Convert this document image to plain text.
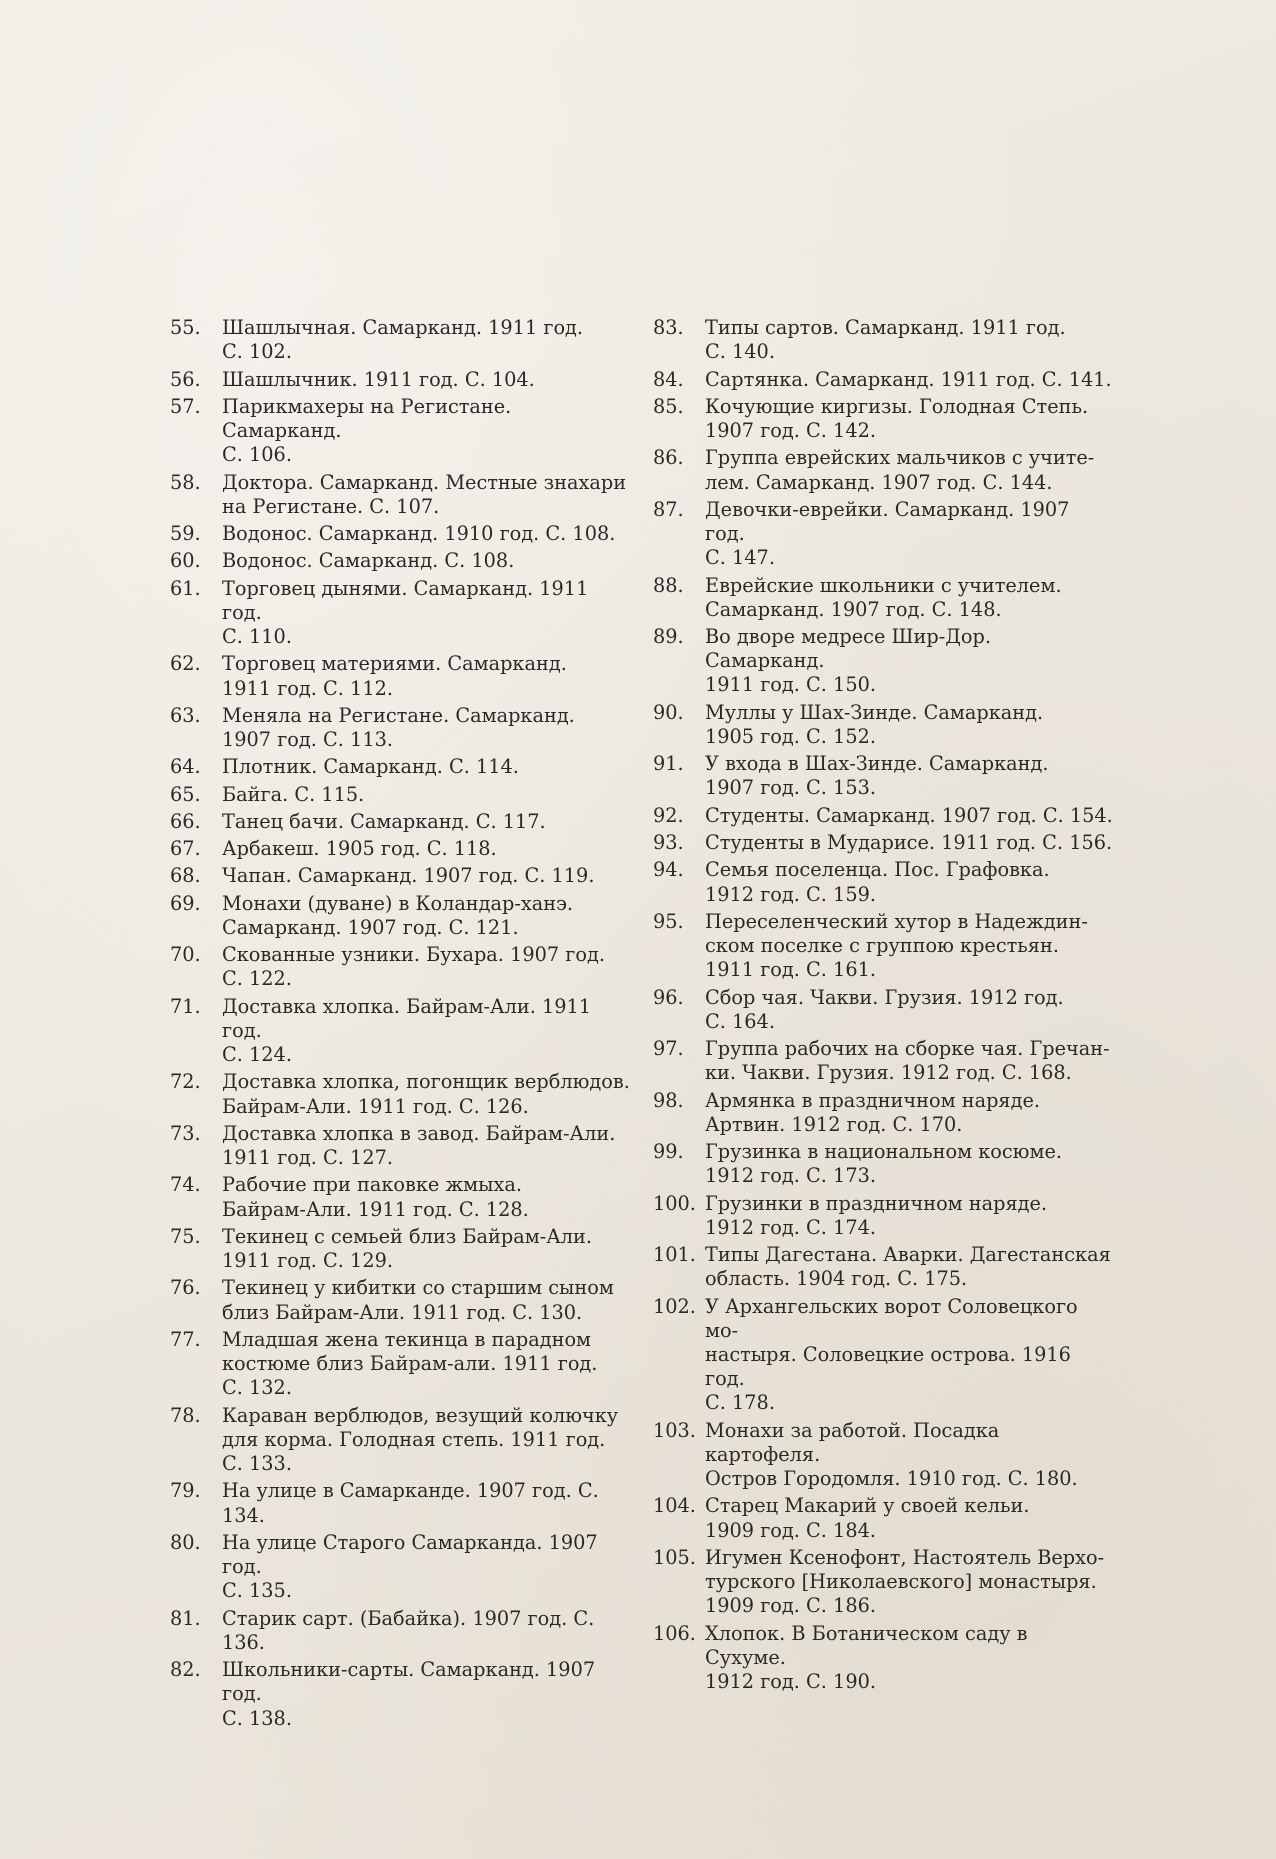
55.	Шашлычная. Самарканд. 1911 год.
С. 102.
56.	Шашлычник. 1911 год. С. 104.
57.	Парикмахеры на Регистане. Самарканд.
С. 106.
58.	Доктора. Самарканд. Местные знахари
на Регистане. С. 107.
59.	Водонос. Самарканд. 1910 год. С. 108.
60.	Водонос. Самарканд. С. 108.
61.	Торговец дынями. Самарканд. 1911 год.
С. 110.
62.	Торговец материями. Самарканд.
1911 год. С. 112.
63.	Меняла на Регистане. Самарканд.
1907 год. С. 113.
64.	Плотник. Самарканд. С. 114.
65.	Байга. С. 115.
66.	Танец бачи. Самарканд. С. 117.
67.	Арбакеш. 1905 год. С. 118.
68.	Чапан. Самарканд. 1907 год. С. 119.
69.	Монахи (дуване) в Коландар-ханэ.
Самарканд. 1907 год. С. 121.
70.	Скованные узники. Бухара. 1907 год.
С. 122.
71.	Доставка хлопка. Байрам-Али. 1911 год.
С. 124.
72.	Доставка хлопка, погонщик верблюдов.
Байрам-Али. 1911 год. С. 126.
73.	Доставка хлопка в завод. Байрам-Али.
1911 год. С. 127.
74.	Рабочие при паковке жмыха.
Байрам-Али. 1911 год. С. 128.
75.	Текинец с семьей близ Байрам-Али.
1911 год. С. 129.
76.	Текинец у кибитки со старшим сыном
близ Байрам-Али. 1911 год. С. 130.
77.	Младшая жена текинца в парадном
костюме близ Байрам-али. 1911 год.
С. 132.
78.	Караван верблюдов, везущий колючку
для корма. Голодная степь. 1911 год.
С. 133.
79.	На улице в Самарканде. 1907 год. С. 134.
80.	На улице Старого Самарканда. 1907 год.
С. 135.
81.	Старик сарт. (Бабайка). 1907 год. С. 136.
82.	Школьники-сарты. Самарканд. 1907 год.
С. 138.
83.	Типы сартов. Самарканд. 1911 год.
С. 140.
84.	Сартянка. Самарканд. 1911 год. С. 141.
85.	Кочующие киргизы. Голодная Степь.
1907 год. С. 142.
86.	Группа еврейских мальчиков с учите-
лем. Самарканд. 1907 год. С. 144.
87.	Девочки-еврейки. Самарканд. 1907 год.
С. 147.
88.	Еврейские школьники с учителем.
Самарканд. 1907 год. С. 148.
89.	Во дворе медресе Шир-Дор. Самарканд.
1911 год. С. 150.
90.	Муллы у Шах-Зинде. Самарканд.
1905 год. С. 152.
91.	У входа в Шах-Зинде. Самарканд.
1907 год. С. 153.
92.	Студенты. Самарканд. 1907 год. С. 154.
93.	Студенты в Мударисе. 1911 год. С. 156.
94.	Семья поселенца. Пос. Графовка.
1912 год. С. 159.
95.	Переселенческий хутор в Надеждин-
ском поселке с группою крестьян.
1911 год. С. 161.
96.	Сбор чая. Чакви. Грузия. 1912 год.
С. 164.
97.	Группа рабочих на сборке чая. Гречан-
ки. Чакви. Грузия. 1912 год. С. 168.
98.	Армянка в праздничном наряде.
Артвин. 1912 год. С. 170.
99.	Грузинка в национальном косюме.
1912 год. С. 173.
100. Грузинки в праздничном наряде.
1912 год. С. 174.
101. Типы Дагестана. Аварки. Дагестанская
область. 1904 год. С. 175.
102. У Архангельских ворот Соловецкого мо-
настыря. Соловецкие острова. 1916 год.
С. 178.
103. Монахи за работой. Посадка картофеля.
Остров Городомля. 1910 год. С. 180.
104. Старец Макарий у своей кельи.
1909 год. С. 184.
105. Игумен Ксенофонт, Настоятель Верхо-
турского [Николаевского] монастыря.
1909 год. С. 186.
106. Хлопок. В Ботаническом саду в Сухуме.
1912 год. С. 190.
